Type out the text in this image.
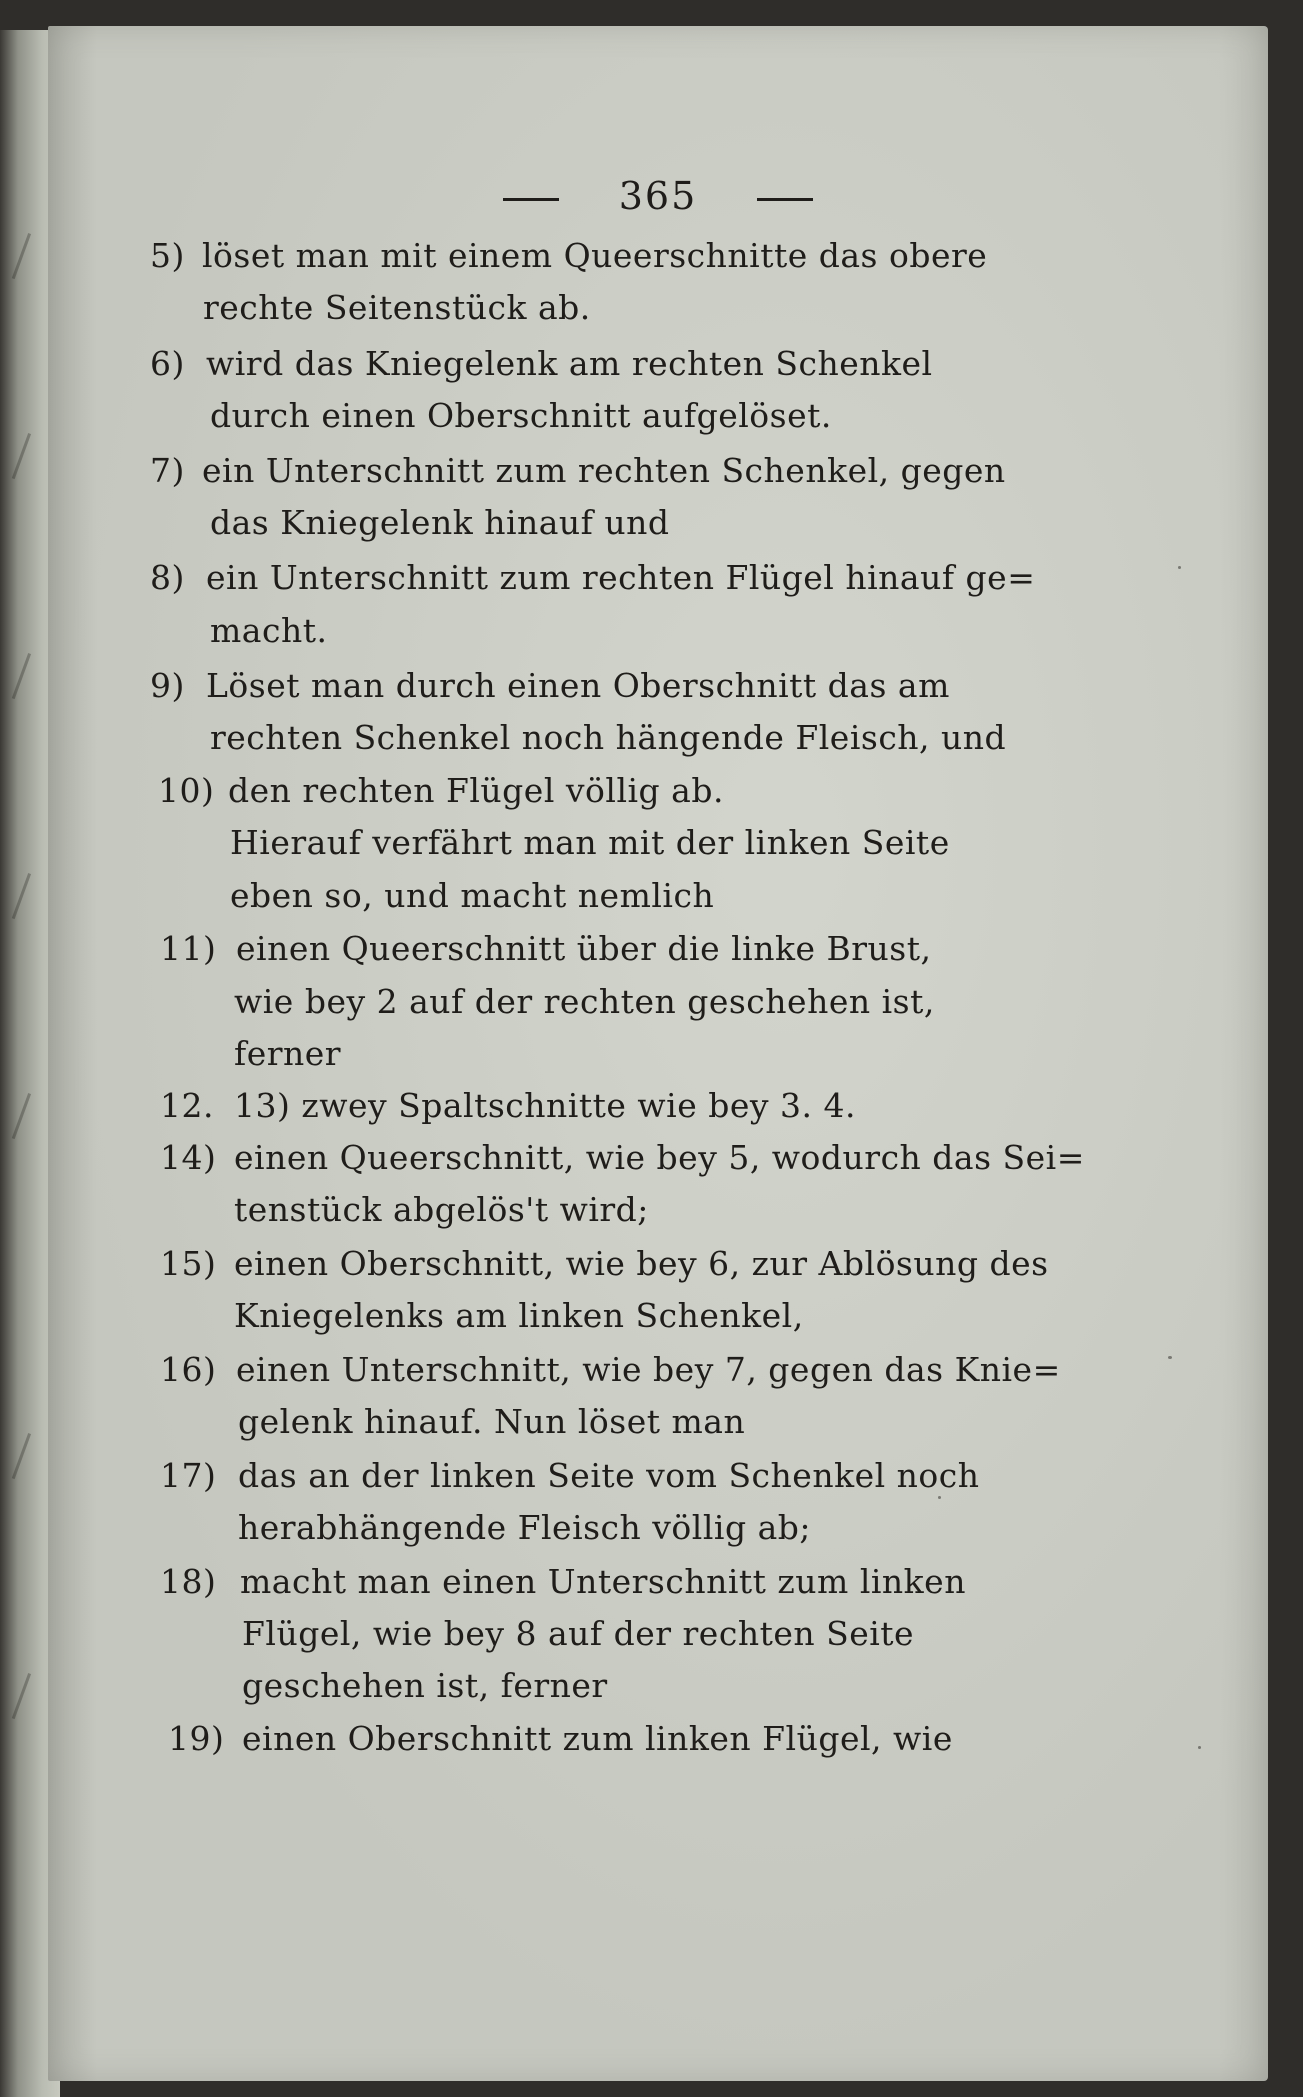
365
5) löset man mit einem Queerschnitte das obere
rechte Seitenstück ab.
6) wird das Kniegelenk am rechten Schenkel
durch einen Oberschnitt aufgelöset.
7) ein Unterschnitt zum rechten Schenkel, gegen
das Kniegelenk hinauf und
8) ein Unterschnitt zum rechten Flügel hinauf ge=
macht.
9) Löset man durch einen Oberschnitt das am
rechten Schenkel noch hängende Fleisch, und
10) den rechten Flügel völlig ab.
Hierauf verfährt man mit der linken Seite
eben so, und macht nemlich
11) einen Queerschnitt über die linke Brust,
wie bey 2 auf der rechten geschehen ist,
ferner
12. 13) zwey Spaltschnitte wie bey 3. 4.
14) einen Queerschnitt, wie bey 5, wodurch das Sei=
tenstück abgelös't wird;
15) einen Oberschnitt, wie bey 6, zur Ablösung des
Kniegelenks am linken Schenkel,
16) einen Unterschnitt, wie bey 7, gegen das Knie=
gelenk hinauf. Nun löset man
17) das an der linken Seite vom Schenkel noch
herabhängende Fleisch völlig ab;
18) macht man einen Unterschnitt zum linken
Flügel, wie bey 8 auf der rechten Seite
geschehen ist, ferner
19) einen Oberschnitt zum linken Flügel, wie
